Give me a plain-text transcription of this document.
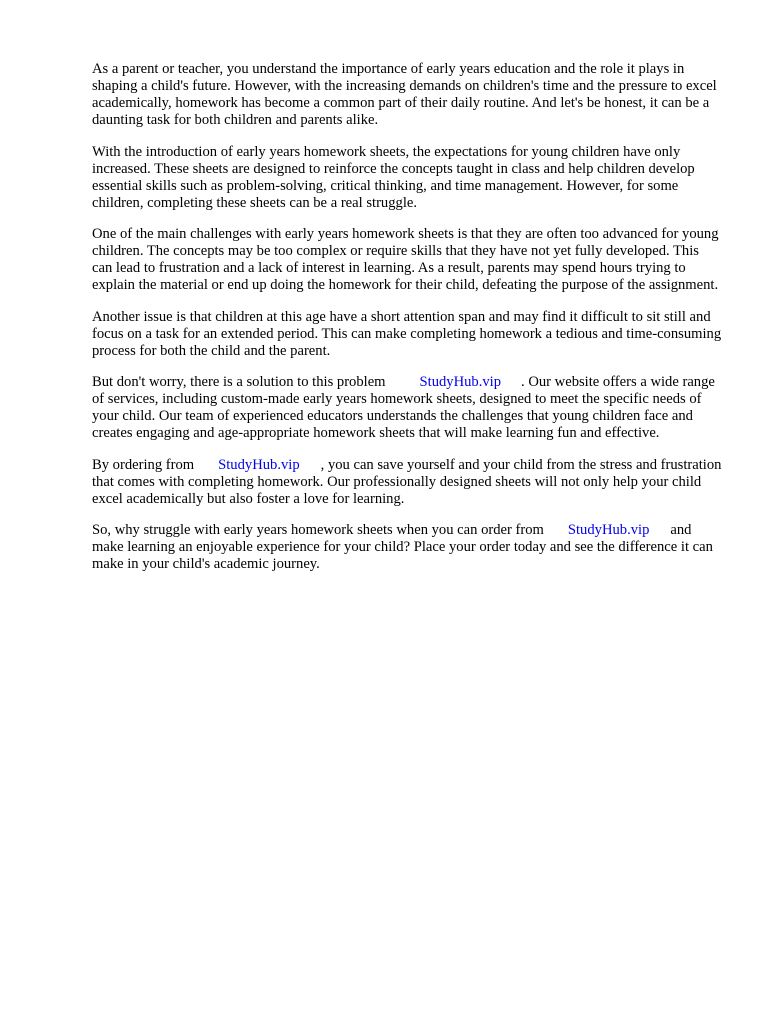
As a parent or teacher, you understand the importance of early years education and the role it plays in shaping a child's future. However, with the increasing demands on children's time and the pressure to excel academically, homework has become a common part of their daily routine. And let's be honest, it can be a daunting task for both children and parents alike.

With the introduction of early years homework sheets, the expectations for young children have only increased. These sheets are designed to reinforce the concepts taught in class and help children develop essential skills such as problem-solving, critical thinking, and time management. However, for some children, completing these sheets can be a real struggle.

One of the main challenges with early years homework sheets is that they are often too advanced for young children. The concepts may be too complex or require skills that they have not yet fully developed. This can lead to frustration and a lack of interest in learning. As a result, parents may spend hours trying to explain the material or end up doing the homework for their child, defeating the purpose of the assignment.

Another issue is that children at this age have a short attention span and may find it difficult to sit still and focus on a task for an extended period. This can make completing homework a tedious and time-consuming process for both the child and the parent.

But don't worry, there is a solution to this problem StudyHub.vip . Our website offers a wide range of services, including custom-made early years homework sheets, designed to meet the specific needs of your child. Our team of experienced educators understands the challenges that young children face and creates engaging and age-appropriate homework sheets that will make learning fun and effective.

By ordering from StudyHub.vip , you can save yourself and your child from the stress and frustration that comes with completing homework. Our professionally designed sheets will not only help your child excel academically but also foster a love for learning.

So, why struggle with early years homework sheets when you can order from StudyHub.vip and make learning an enjoyable experience for your child? Place your order today and see the difference it can make in your child's academic journey.
